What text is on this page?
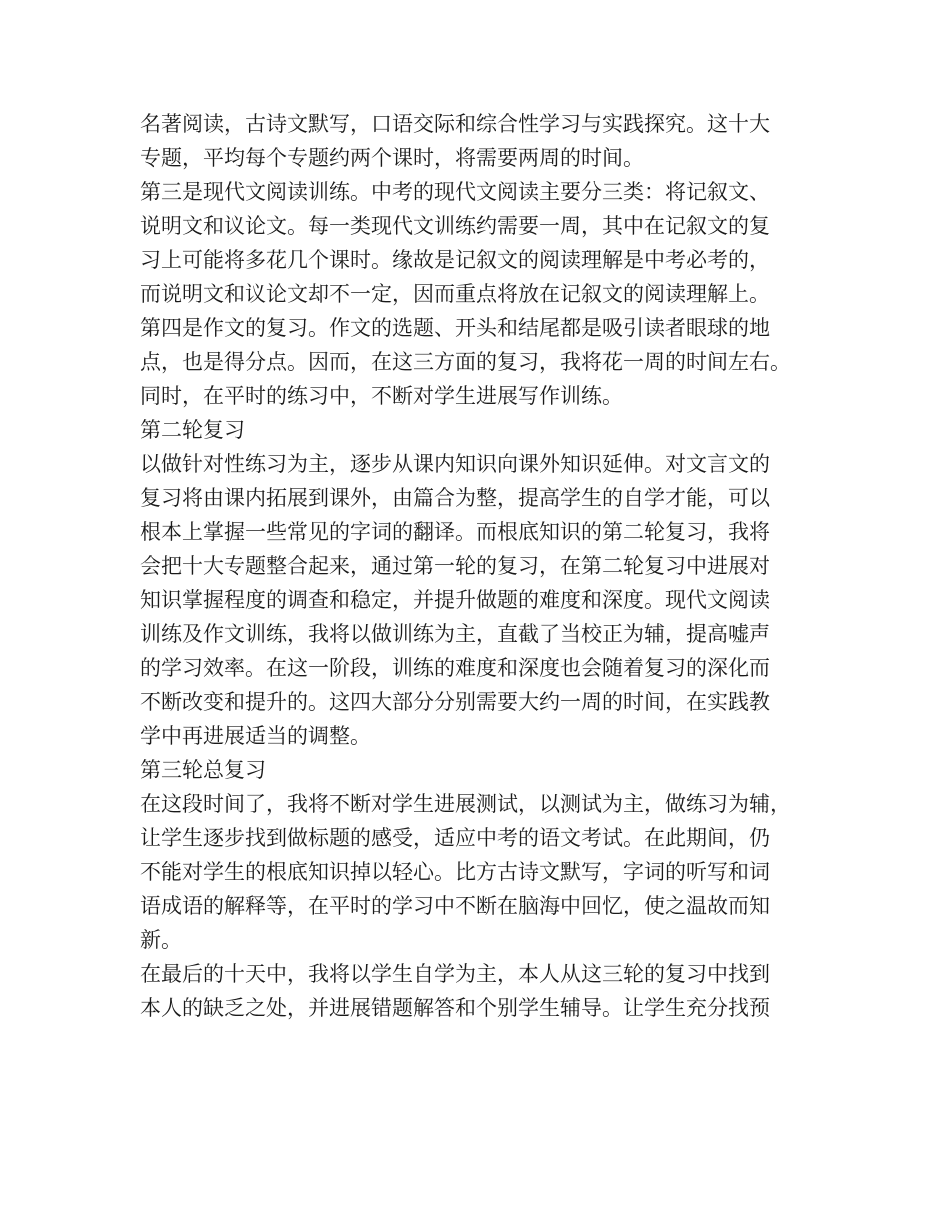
名著阅读，古诗文默写，口语交际和综合性学习与实践探究。这十大
专题，平均每个专题约两个课时，将需要两周的时间。
第三是现代文阅读训练。中考的现代文阅读主要分三类：将记叙文、
说明文和议论文。每一类现代文训练约需要一周，其中在记叙文的复
习上可能将多花几个课时。缘故是记叙文的阅读理解是中考必考的，
而说明文和议论文却不一定，因而重点将放在记叙文的阅读理解上。
第四是作文的复习。作文的选题、开头和结尾都是吸引读者眼球的地
点，也是得分点。因而，在这三方面的复习，我将花一周的时间左右。
同时，在平时的练习中，不断对学生进展写作训练。
第二轮复习
以做针对性练习为主，逐步从课内知识向课外知识延伸。对文言文的
复习将由课内拓展到课外，由篇合为整，提高学生的自学才能，可以
根本上掌握一些常见的字词的翻译。而根底知识的第二轮复习，我将
会把十大专题整合起来，通过第一轮的复习，在第二轮复习中进展对
知识掌握程度的调查和稳定，并提升做题的难度和深度。现代文阅读
训练及作文训练，我将以做训练为主，直截了当校正为辅，提高嘘声
的学习效率。在这一阶段，训练的难度和深度也会随着复习的深化而
不断改变和提升的。这四大部分分别需要大约一周的时间，在实践教
学中再进展适当的调整。
第三轮总复习
在这段时间了，我将不断对学生进展测试，以测试为主，做练习为辅，
让学生逐步找到做标题的感受，适应中考的语文考试。在此期间，仍
不能对学生的根底知识掉以轻心。比方古诗文默写，字词的听写和词
语成语的解释等，在平时的学习中不断在脑海中回忆，使之温故而知
新。
在最后的十天中，我将以学生自学为主，本人从这三轮的复习中找到
本人的缺乏之处，并进展错题解答和个别学生辅导。让学生充分找预
